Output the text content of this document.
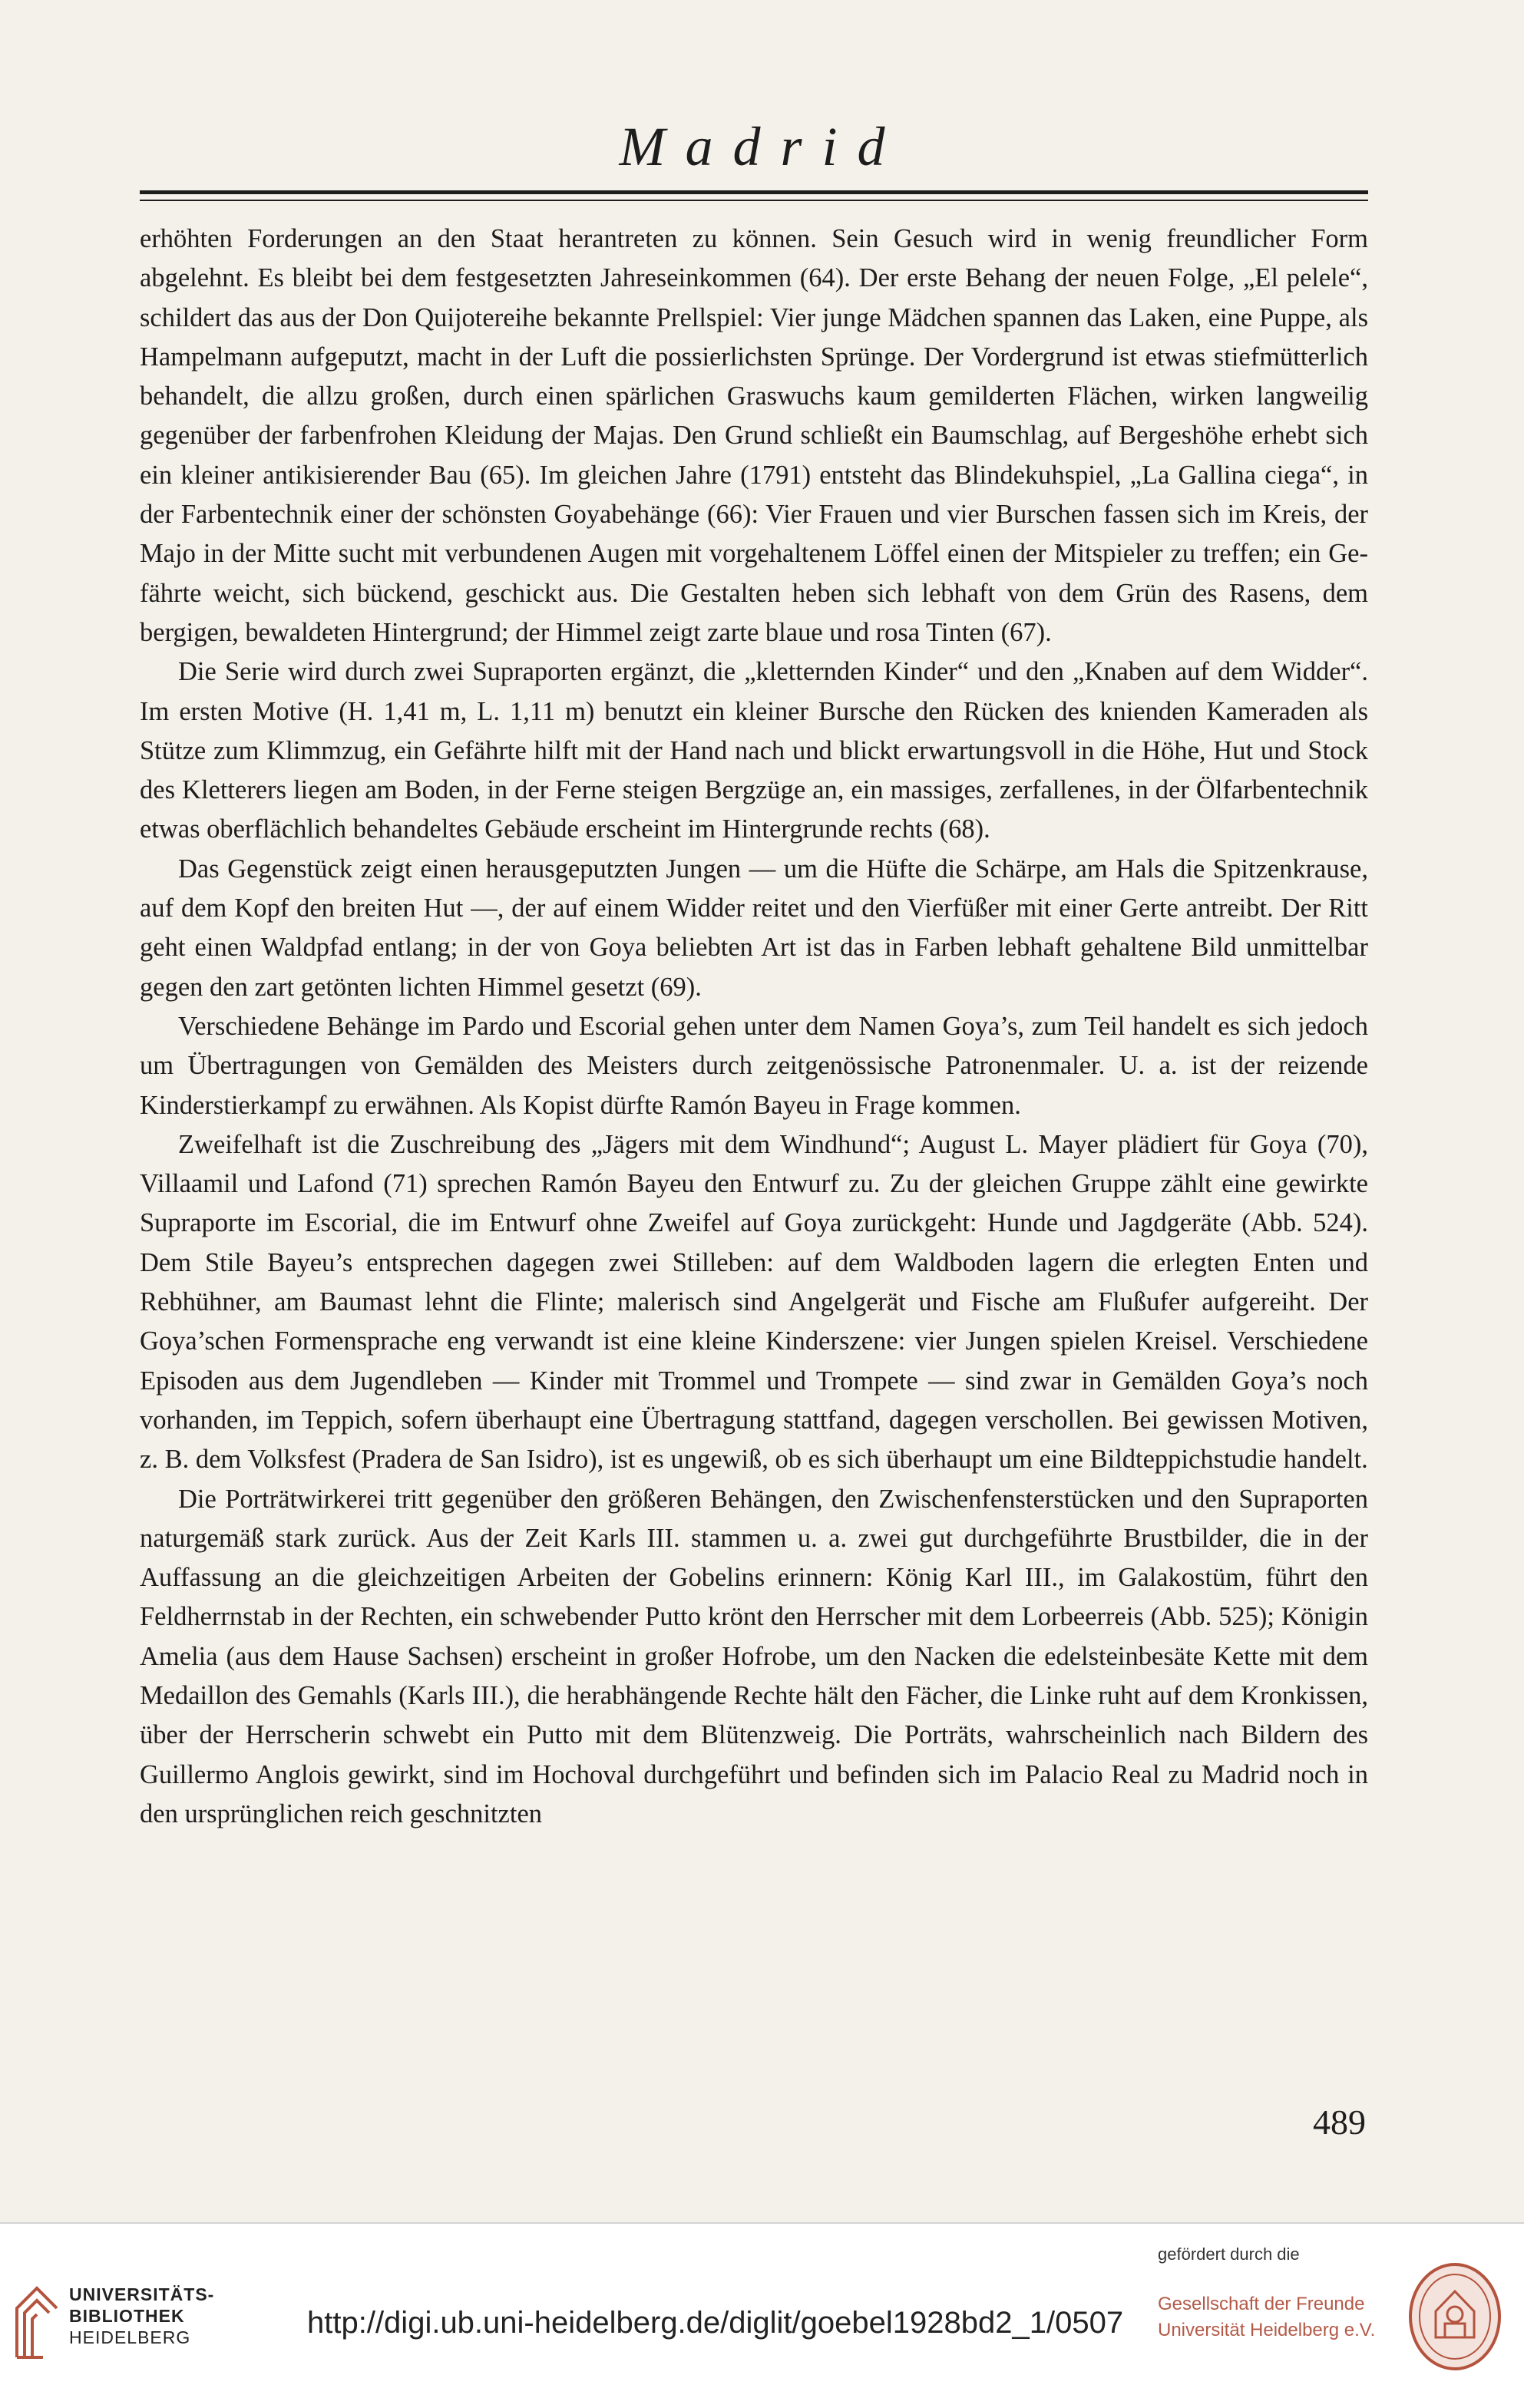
Madrid

erhöhten Forderungen an den Staat herantreten zu können. Sein Gesuch wird in wenig freundlicher Form abgelehnt. Es bleibt bei dem festgesetzten Jahreseinkommen (64). Der erste Behang der neuen Folge, „El pelele“, schildert das aus der Don Quijotereihe bekannte Prellspiel: Vier junge Mädchen spannen das Laken, eine Puppe, als Hampelmann aufgeputzt, macht in der Luft die possierlichsten Sprünge. Der Vordergrund ist etwas stiefmütterlich behandelt, die allzu großen, durch einen spärlichen Graswuchs kaum gemilderten Flächen, wirken langweilig gegenüber der farbenfrohen Kleidung der Majas. Den Grund schließt ein Baumschlag, auf Bergeshöhe erhebt sich ein kleiner antikisierender Bau (65). Im gleichen Jahre (1791) entsteht das Blindekuhspiel, „La Gallina ciega“, in der Farbentechnik einer der schönsten Goyabehänge (66): Vier Frauen und vier Burschen fassen sich im Kreis, der Majo in der Mitte sucht mit verbundenen Augen mit vorgehaltenem Löffel einen der Mitspieler zu treffen; ein Gefährte weicht, sich bückend, geschickt aus. Die Gestalten heben sich lebhaft von dem Grün des Rasens, dem bergigen, bewaldeten Hintergrund; der Himmel zeigt zarte blaue und rosa Tinten (67).

Die Serie wird durch zwei Supraporten ergänzt, die „kletternden Kinder“ und den „Knaben auf dem Widder“. Im ersten Motive (H. 1,41 m, L. 1,11 m) benutzt ein kleiner Bursche den Rücken des knienden Kameraden als Stütze zum Klimmzug, ein Gefährte hilft mit der Hand nach und blickt erwartungsvoll in die Höhe, Hut und Stock des Kletterers liegen am Boden, in der Ferne steigen Bergzüge an, ein massiges, zerfallenes, in der Ölfarbentechnik etwas oberflächlich behandeltes Gebäude erscheint im Hintergrunde rechts (68).

Das Gegenstück zeigt einen herausgeputzten Jungen — um die Hüfte die Schärpe, am Hals die Spitzenkrause, auf dem Kopf den breiten Hut —, der auf einem Widder reitet und den Vierfüßer mit einer Gerte antreibt. Der Ritt geht einen Waldpfad entlang; in der von Goya beliebten Art ist das in Farben lebhaft gehaltene Bild unmittelbar gegen den zart getönten lichten Himmel gesetzt (69).

Verschiedene Behänge im Pardo und Escorial gehen unter dem Namen Goya’s, zum Teil handelt es sich jedoch um Übertragungen von Gemälden des Meisters durch zeitgenössische Patronenmaler. U. a. ist der reizende Kinderstierkampf zu erwähnen. Als Kopist dürfte Ramón Bayeu in Frage kommen.

Zweifelhaft ist die Zuschreibung des „Jägers mit dem Windhund“; August L. Mayer plädiert für Goya (70), Villaamil und Lafond (71) sprechen Ramón Bayeu den Entwurf zu. Zu der gleichen Gruppe zählt eine gewirkte Supraporte im Escorial, die im Entwurf ohne Zweifel auf Goya zurückgeht: Hunde und Jagdgeräte (Abb. 524). Dem Stile Bayeu’s entsprechen dagegen zwei Stilleben: auf dem Waldboden lagern die erlegten Enten und Rebhühner, am Baumast lehnt die Flinte; malerisch sind Angelgerät und Fische am Flußufer aufgereiht. Der Goya’schen Formensprache eng verwandt ist eine kleine Kinderszene: vier Jungen spielen Kreisel. Verschiedene Episoden aus dem Jugendleben — Kinder mit Trommel und Trompete — sind zwar in Gemälden Goya’s noch vorhanden, im Teppich, sofern überhaupt eine Übertragung stattfand, dagegen verschollen. Bei gewissen Motiven, z. B. dem Volksfest (Pradera de San Isidro), ist es ungewiß, ob es sich überhaupt um eine Bildteppichstudie handelt.

Die Porträtwirkerei tritt gegenüber den größeren Behängen, den Zwischenfensterstücken und den Supraporten naturgemäß stark zurück. Aus der Zeit Karls III. stammen u. a. zwei gut durchgeführte Brustbilder, die in der Auffassung an die gleichzeitigen Arbeiten der Gobelins erinnern: König Karl III., im Galakostüm, führt den Feldherrnstab in der Rechten, ein schwebender Putto krönt den Herrscher mit dem Lorbeerreis (Abb. 525); Königin Amelia (aus dem Hause Sachsen) erscheint in großer Hofrobe, um den Nacken die edelsteinbesäte Kette mit dem Medaillon des Gemahls (Karls III.), die herabhängende Rechte hält den Fächer, die Linke ruht auf dem Kronkissen, über der Herrscherin schwebt ein Putto mit dem Blütenzweig. Die Porträts, wahrscheinlich nach Bildern des Guillermo Anglois gewirkt, sind im Hochoval durchgeführt und befinden sich im Palacio Real zu Madrid noch in den ursprünglichen reich geschnitzten

489
UNIVERSITÄTS-
BIBLIOTHEK
HEIDELBERG	http://digi.ub.uni-heidelberg.de/diglit/goebel1928bd2_1/0507
gefördert durch die
Gesellschaft der Freunde
Universität Heidelberg e.V.
